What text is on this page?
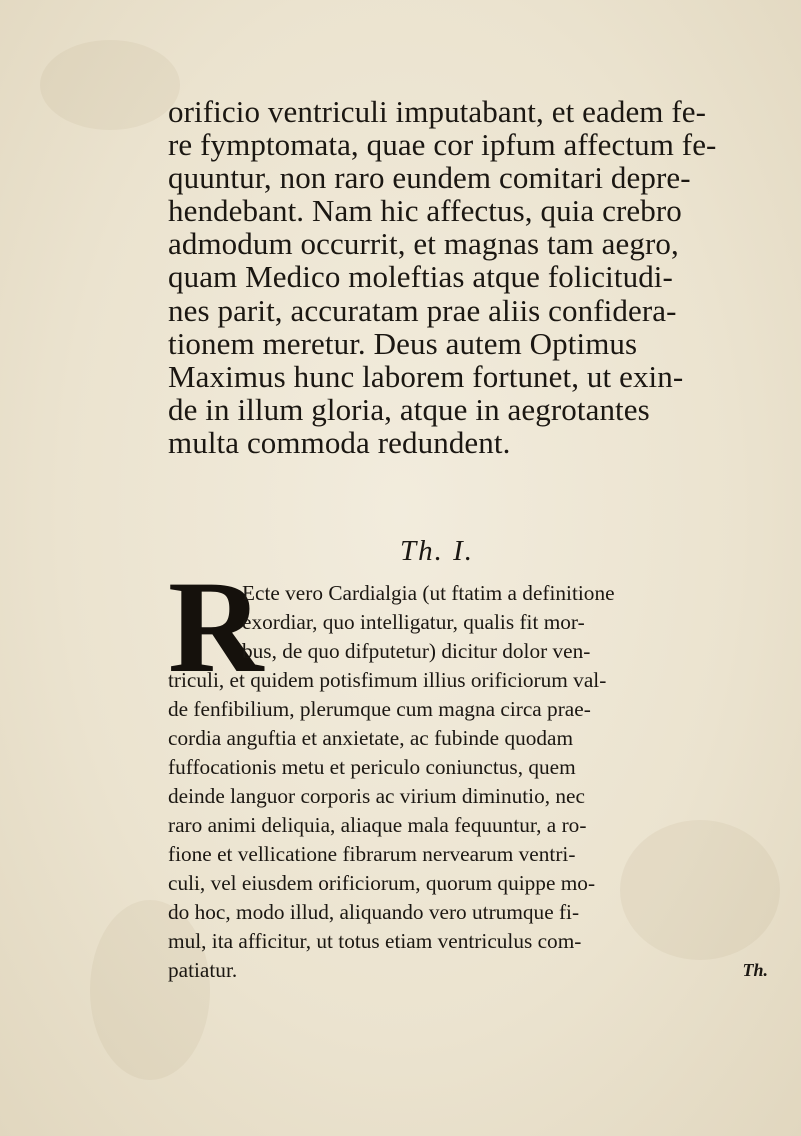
orificio ventriculi imputabant, et eadem fe-
re fymptomata, quae cor ipfum affectum fe-
quuntur, non raro eundem comitari depre-
hendebant. Nam hic affectus, quia crebro
admodum occurrit, et magnas tam aegro,
quam Medico moleftias atque folicitudi-
nes parit, accuratam prae aliis confidera-
tionem meretur. Deus autem Optimus
Maximus hunc laborem fortunet, ut exin-
de in illum gloria, atque in aegrotantes
multa commoda redundent.
Th. I.
R
Ecte vero Cardialgia (ut ftatim a definitione
exordiar, quo intelligatur, qualis fit mor-
bus, de quo difputetur) dicitur dolor ven-
triculi, et quidem potisfimum illius orificiorum val-
de fenfibilium, plerumque cum magna circa prae-
cordia anguftia et anxietate, ac fubinde quodam
fuffocationis metu et periculo coniunctus, quem
deinde languor corporis ac virium diminutio, nec
raro animi deliquia, aliaque mala fequuntur, a ro-
fione et vellicatione fibrarum nervearum ventri-
culi, vel eiusdem orificiorum, quorum quippe mo-
do hoc, modo illud, aliquando vero utrumque fi-
mul, ita afficitur, ut totus etiam ventriculus com-
patiatur.	Th.
